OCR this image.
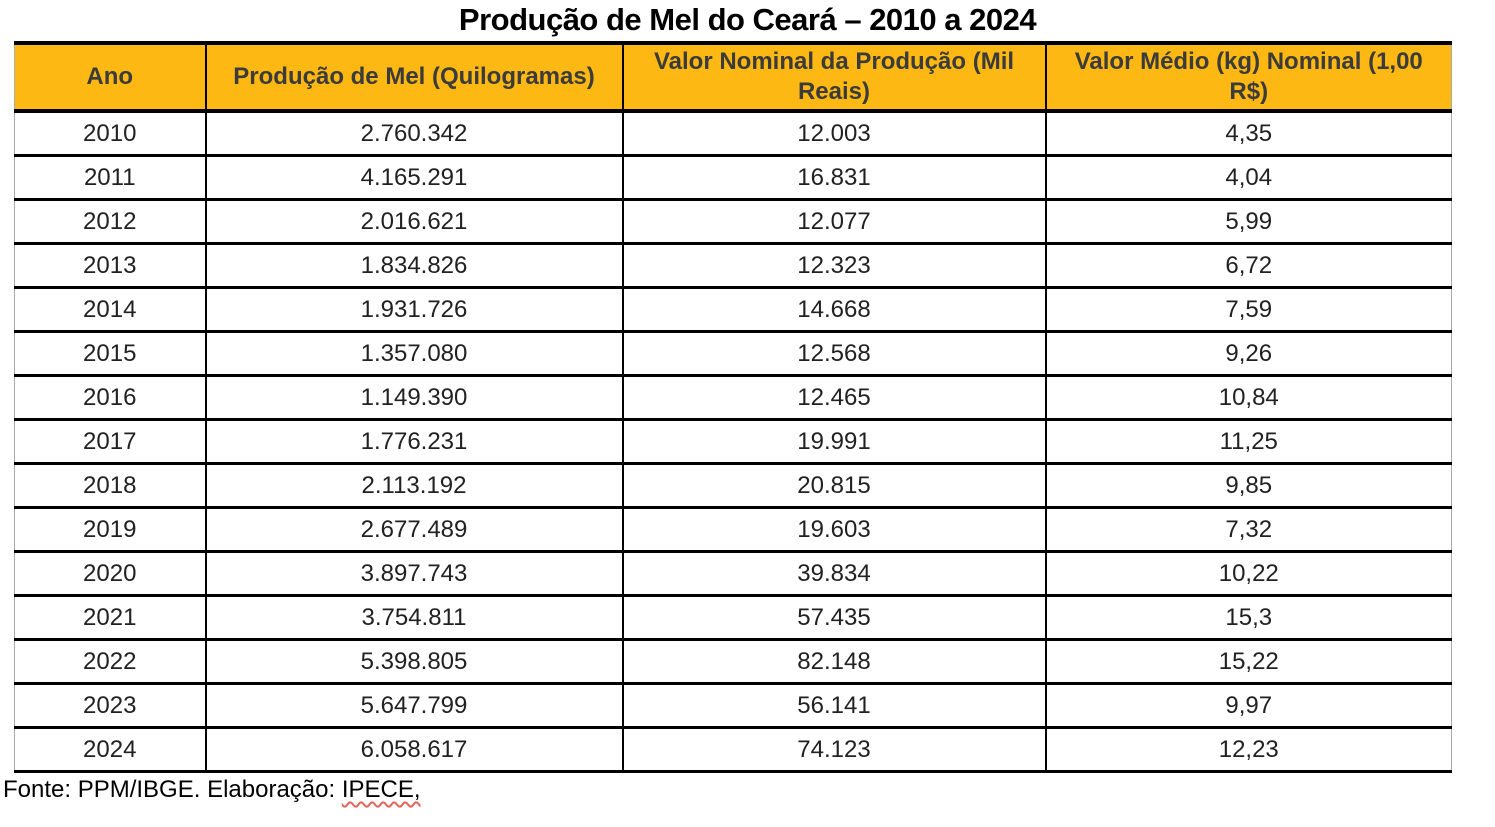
Produção de Mel do Ceará – 2010 a 2024
Ano	Produção de Mel (Quilogramas)	Valor Nominal da Produção (Mil Reais)	Valor Médio (kg) Nominal (1,00 R$)
2010	2.760.342	12.003	4,35
2011	4.165.291	16.831	4,04
2012	2.016.621	12.077	5,99
2013	1.834.826	12.323	6,72
2014	1.931.726	14.668	7,59
2015	1.357.080	12.568	9,26
2016	1.149.390	12.465	10,84
2017	1.776.231	19.991	11,25
2018	2.113.192	20.815	9,85
2019	2.677.489	19.603	7,32
2020	3.897.743	39.834	10,22
2021	3.754.811	57.435	15,3
2022	5.398.805	82.148	15,22
2023	5.647.799	56.141	9,97
2024	6.058.617	74.123	12,23
Fonte: PPM/IBGE. Elaboração: IPECE,
